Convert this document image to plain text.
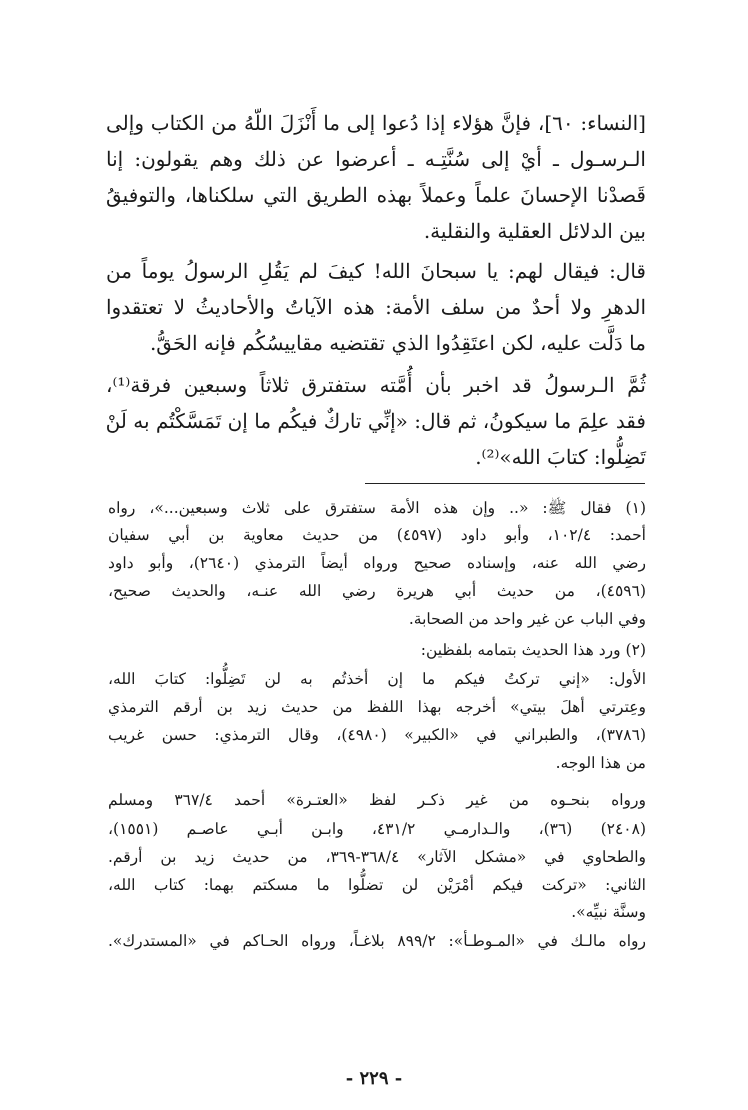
[النساء: ٦٠]، فإنَّ هؤلاء إذا دُعوا إلى ما أَنْزَلَ اللّهُ من الكتاب وإلى
الـرسـول ـ أيْ إلى سُنَّتِـه ـ أعرضوا عن ذلك وهم يقولون: إنا
قَصدْنا الإحسانَ علماً وعملاً بهذه الطريق التي سلكناها، والتوفيقُ
بين الدلائل العقلية والنقلية.
قال: فيقال لهم: يا سبحانَ الله! كيفَ لم يَقُلِ الرسولُ يوماً من
الدهرِ ولا أحدٌ من سلف الأمة: هذه الآياتُ والأحاديثُ لا تعتقدوا
ما دَلَّت عليه، لكن اعتَقِدُوا الذي تقتضيه مقاييسُكُم فإنه الحَقُّ.
ثُمَّ الـرسولُ قد اخبر بأن أُمَّته ستفترق ثلاثاً وسبعين فرقة⁽¹⁾،
فقد علِمَ ما سيكونُ، ثم قال: «إنِّي تاركٌ فيكُم ما إن تَمَسَّكْتُم به لَنْ
تَضِلُّوا: كتابَ الله»⁽²⁾.
(١) فقال ﷺ: «.. وإن هذه الأمة ستفترق على ثلاث وسبعين...»، رواه
أحمد: ١٠٢/٤، وأبو داود (٤٥٩٧) من حديث معاوية بن أبي سفيان
رضي الله عنه، وإسناده صحيح ورواه أيضاً الترمذي (٢٦٤٠)، وأبو داود
(٤٥٩٦)، من حديث أبي هريرة رضي الله عنـه، والحديث صحيح،
وفي الباب عن غير واحد من الصحابة.
(٢) ورد هذا الحديث بتمامه بلفظين:
الأول: «إني تركتُ فيكم ما إن أخذتُم به لن تَضِلُّوا: كتابَ الله،
وعِترتي أهلَ بيتي» أخرجه بهذا اللفظ من حديث زيد بن أرقم الترمذي
(٣٧٨٦)، والطبراني في «الكبير» (٤٩٨٠)، وقال الترمذي: حسن غريب
من هذا الوجه.
ورواه بنحـوه من غير ذكـر لفظ «العتـرة» أحمد ٣٦٧/٤ ومسلم
(٢٤٠٨) (٣٦)، والـدارمـي ٤٣١/٢، وابـن أبـي عاصـم (١٥٥١)،
والطحاوي في «مشكل الآثار» ٣٦٨/٤-٣٦٩، من حديث زيد بن أرقم.
الثاني: «تركت فيكم أمْرَيْن لن تضلُّوا ما مسكتم بهما: كتاب الله،
وسنَّة نبيِّه».
رواه مالـك في «المـوطـأ»: ٨٩٩/٢ بلاغـاً، ورواه الحـاكم في «المستدرك».
- ٢٢٩ -
